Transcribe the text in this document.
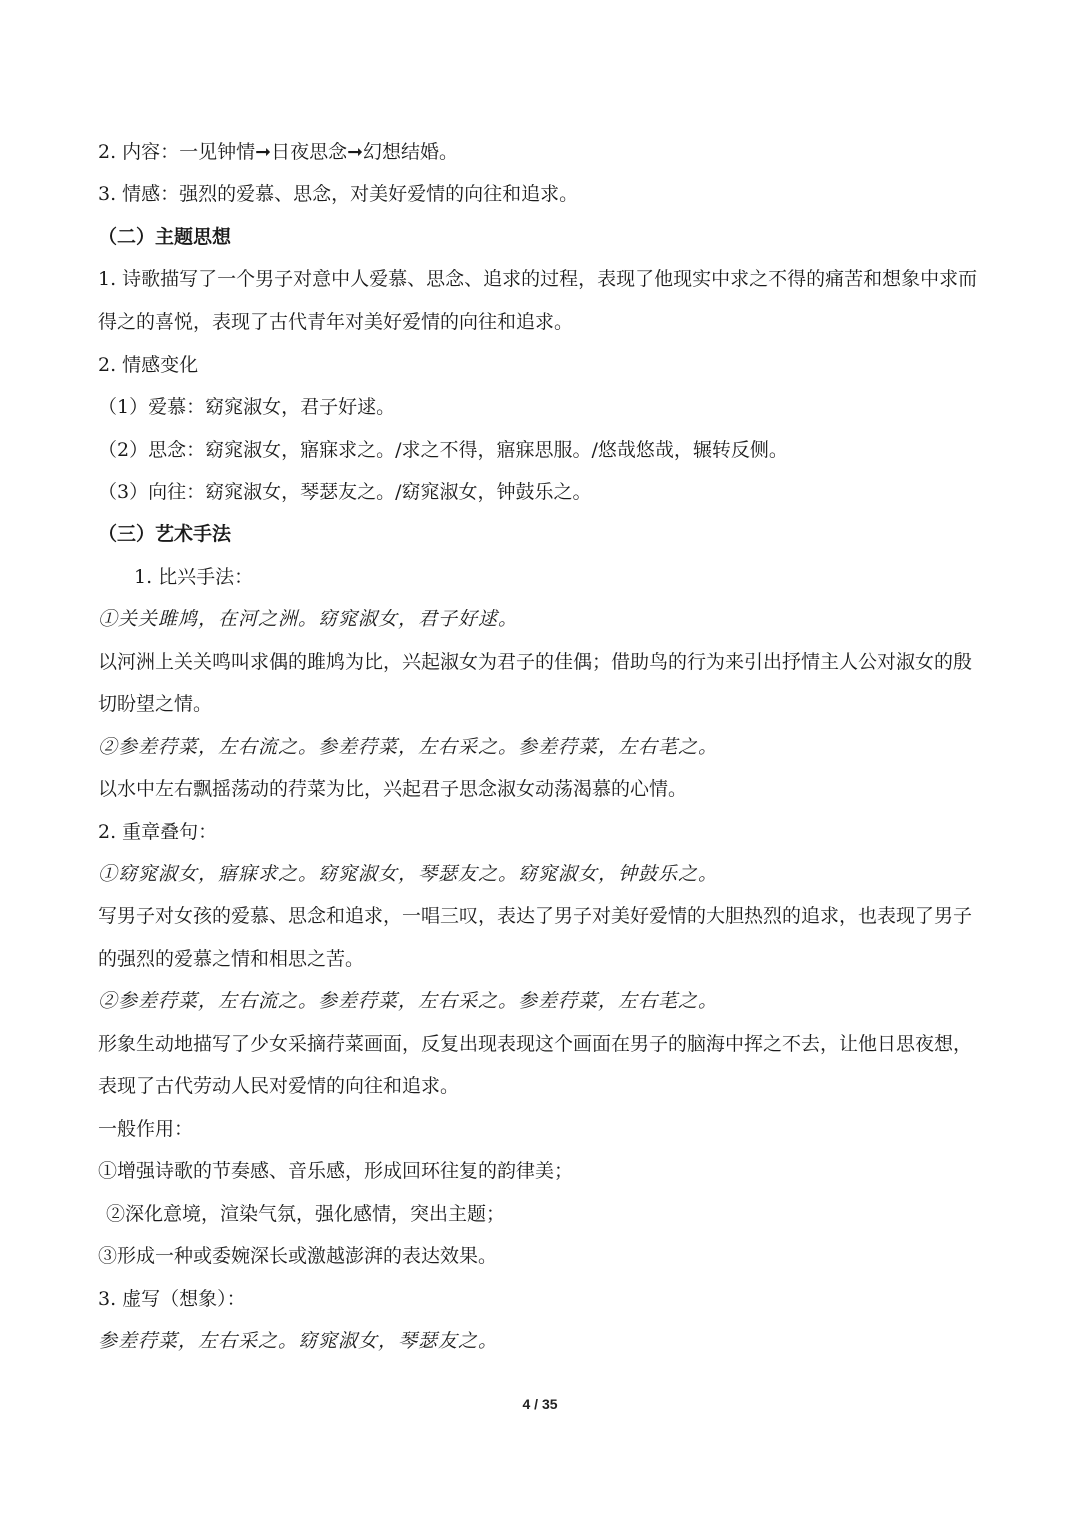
2. 内容：一见钟情➞日夜思念➞幻想结婚。
3. 情感：强烈的爱慕、思念，对美好爱情的向往和追求。
（二）主题思想
1. 诗歌描写了一个男子对意中人爱慕、思念、追求的过程，表现了他现实中求之不得的痛苦和想象中求而
得之的喜悦，表现了古代青年对美好爱情的向往和追求。
2. 情感变化
（1）爱慕：窈窕淑女，君子好逑。
（2）思念：窈窕淑女，寤寐求之。/求之不得，寤寐思服。/悠哉悠哉，辗转反侧。
（3）向往：窈窕淑女，琴瑟友之。/窈窕淑女，钟鼓乐之。
（三）艺术手法
1. 比兴手法：
①关关雎鸠，在河之洲。窈窕淑女，君子好逑。
以河洲上关关鸣叫求偶的雎鸠为比，兴起淑女为君子的佳偶；借助鸟的行为来引出抒情主人公对淑女的殷
切盼望之情。
②参差荇菜，左右流之。参差荇菜，左右采之。参差荇菜，左右芼之。
以水中左右飘摇荡动的荇菜为比，兴起君子思念淑女动荡渴慕的心情。
2. 重章叠句：
①窈窕淑女，寤寐求之。窈窕淑女，琴瑟友之。窈窕淑女，钟鼓乐之。
写男子对女孩的爱慕、思念和追求，一唱三叹，表达了男子对美好爱情的大胆热烈的追求，也表现了男子
的强烈的爱慕之情和相思之苦。
②参差荇菜，左右流之。参差荇菜，左右采之。参差荇菜，左右芼之。
形象生动地描写了少女采摘荇菜画面，反复出现表现这个画面在男子的脑海中挥之不去，让他日思夜想，
表现了古代劳动人民对爱情的向往和追求。
一般作用：
①增强诗歌的节奏感、音乐感，形成回环往复的韵律美；
②深化意境，渲染气氛，强化感情，突出主题；
③形成一种或委婉深长或激越澎湃的表达效果。
3. 虚写（想象）：
参差荇菜，左右采之。窈窕淑女，琴瑟友之。
4 / 35
